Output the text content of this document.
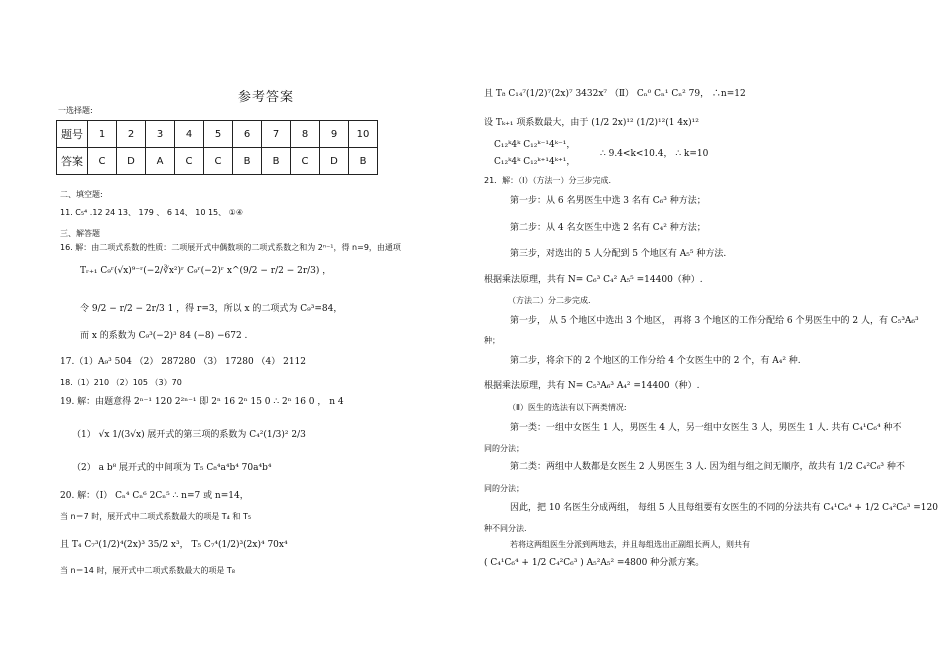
参考答案
一选择题:
题号	1	2	3	4	5	6	7	8	9	10
答案	C	D	A	C	C	B	B	C	D	B
二、填空题:
11. C₅⁴ .12 24 13、 179 、 6 14、 10 15、 ①④
三、解答题
16. 解：由二项式系数的性质：二项展开式中偶数项的二项式系数之和为 2ⁿ⁻¹，得 n=9，由通项
Tᵣ₊₁ C₉ʳ(√x)⁹⁻ʳ(−2/∛x²)ʳ C₉ʳ(−2)ʳ x^(9/2 − r/2 − 2r/3) ，
令 9/2 − r/2 − 2r/3 1 ，得 r=3，所以 x 的二项式为 C₉³=84，
而 x 的系数为 C₉³(−2)³ 84 (−8) −672 .
17.（1）A₉³ 504 （2） 287280 （3） 17280 （4） 2112
18.（1）210 （2）105 （3）70
19. 解：由题意得 2ⁿ⁻¹ 120 2²ⁿ⁻¹ 即 2ⁿ 16 2ⁿ 15 0 ∴ 2ⁿ 16 0 ， n 4
（1） √x 1/(3√x) 展开式的第三项的系数为 C₄²(1/3)² 2/3
（2） a b⁸ 展开式的中间项为 T₅ C₈⁴a⁴b⁴ 70a⁴b⁴
20. 解：（Ⅰ） Cₙ⁴ Cₙ⁶ 2Cₙ⁵ ∴ n=7 或 n=14，
当 n＝7 时，展开式中二项式系数最大的项是 T₄ 和 T₅
且 T₄ C₇³(1/2)⁴(2x)³ 35/2 x³， T₅ C₇⁴(1/2)³(2x)⁴ 70x⁴
当 n＝14 时，展开式中二项式系数最大的项是 T₈
且 T₈ C₁₄⁷(1/2)⁷(2x)⁷ 3432x⁷ （Ⅱ） Cₙ⁰ Cₙ¹ Cₙ² 79， ∴n=12
设 Tₖ₊₁ 项系数最大，由于 (1/2 2x)¹² (1/2)¹²(1 4x)¹²
C₁₂ᵏ4ᵏ C₁₂ᵏ⁻¹4ᵏ⁻¹，
C₁₂ᵏ4ᵏ C₁₂ᵏ⁺¹4ᵏ⁺¹，
∴ 9.4<k<10.4， ∴ k=10
21．解：（Ⅰ）（方法一）分三步完成.
第一步：从 6 名男医生中选 3 名有 C₆³ 种方法；
第二步：从 4 名女医生中选 2 名有 C₄² 种方法；
第三步，对选出的 5 人分配到 5 个地区有 A₅⁵ 种方法.
根据乘法原理，共有 N= C₆³ C₄² A₅⁵ =14400（种）.
（方法二）分二步完成.
第一步， 从 5 个地区中选出 3 个地区， 再将 3 个地区的工作分配给 6 个男医生中的 2 人，有 C₅³A₆³
种；
第二步，将余下的 2 个地区的工作分给 4 个女医生中的 2 个，有 A₄² 种.
根据乘法原理，共有 N= C₅³A₆³ A₄² =14400（种）.
（Ⅱ）医生的选法有以下两类情况:
第一类：一组中女医生 1 人，男医生 4 人，另一组中女医生 3 人，男医生 1 人. 共有 C₄¹C₆⁴ 种不
同的分法；
第二类：两组中人数都是女医生 2 人男医生 3 人. 因为组与组之间无顺序，故共有 1/2 C₄²C₆³ 种不
同的分法；
因此，把 10 名医生分成两组， 每组 5 人且每组要有女医生的不同的分法共有 C₄¹C₆⁴ + 1/2 C₄²C₆³ =120
种不同分法.
若将这两组医生分派到两地去，并且每组选出正副组长两人，则共有
( C₄¹C₆⁴ + 1/2 C₄²C₆³ ) A₅²A₅² =4800 种分派方案。
